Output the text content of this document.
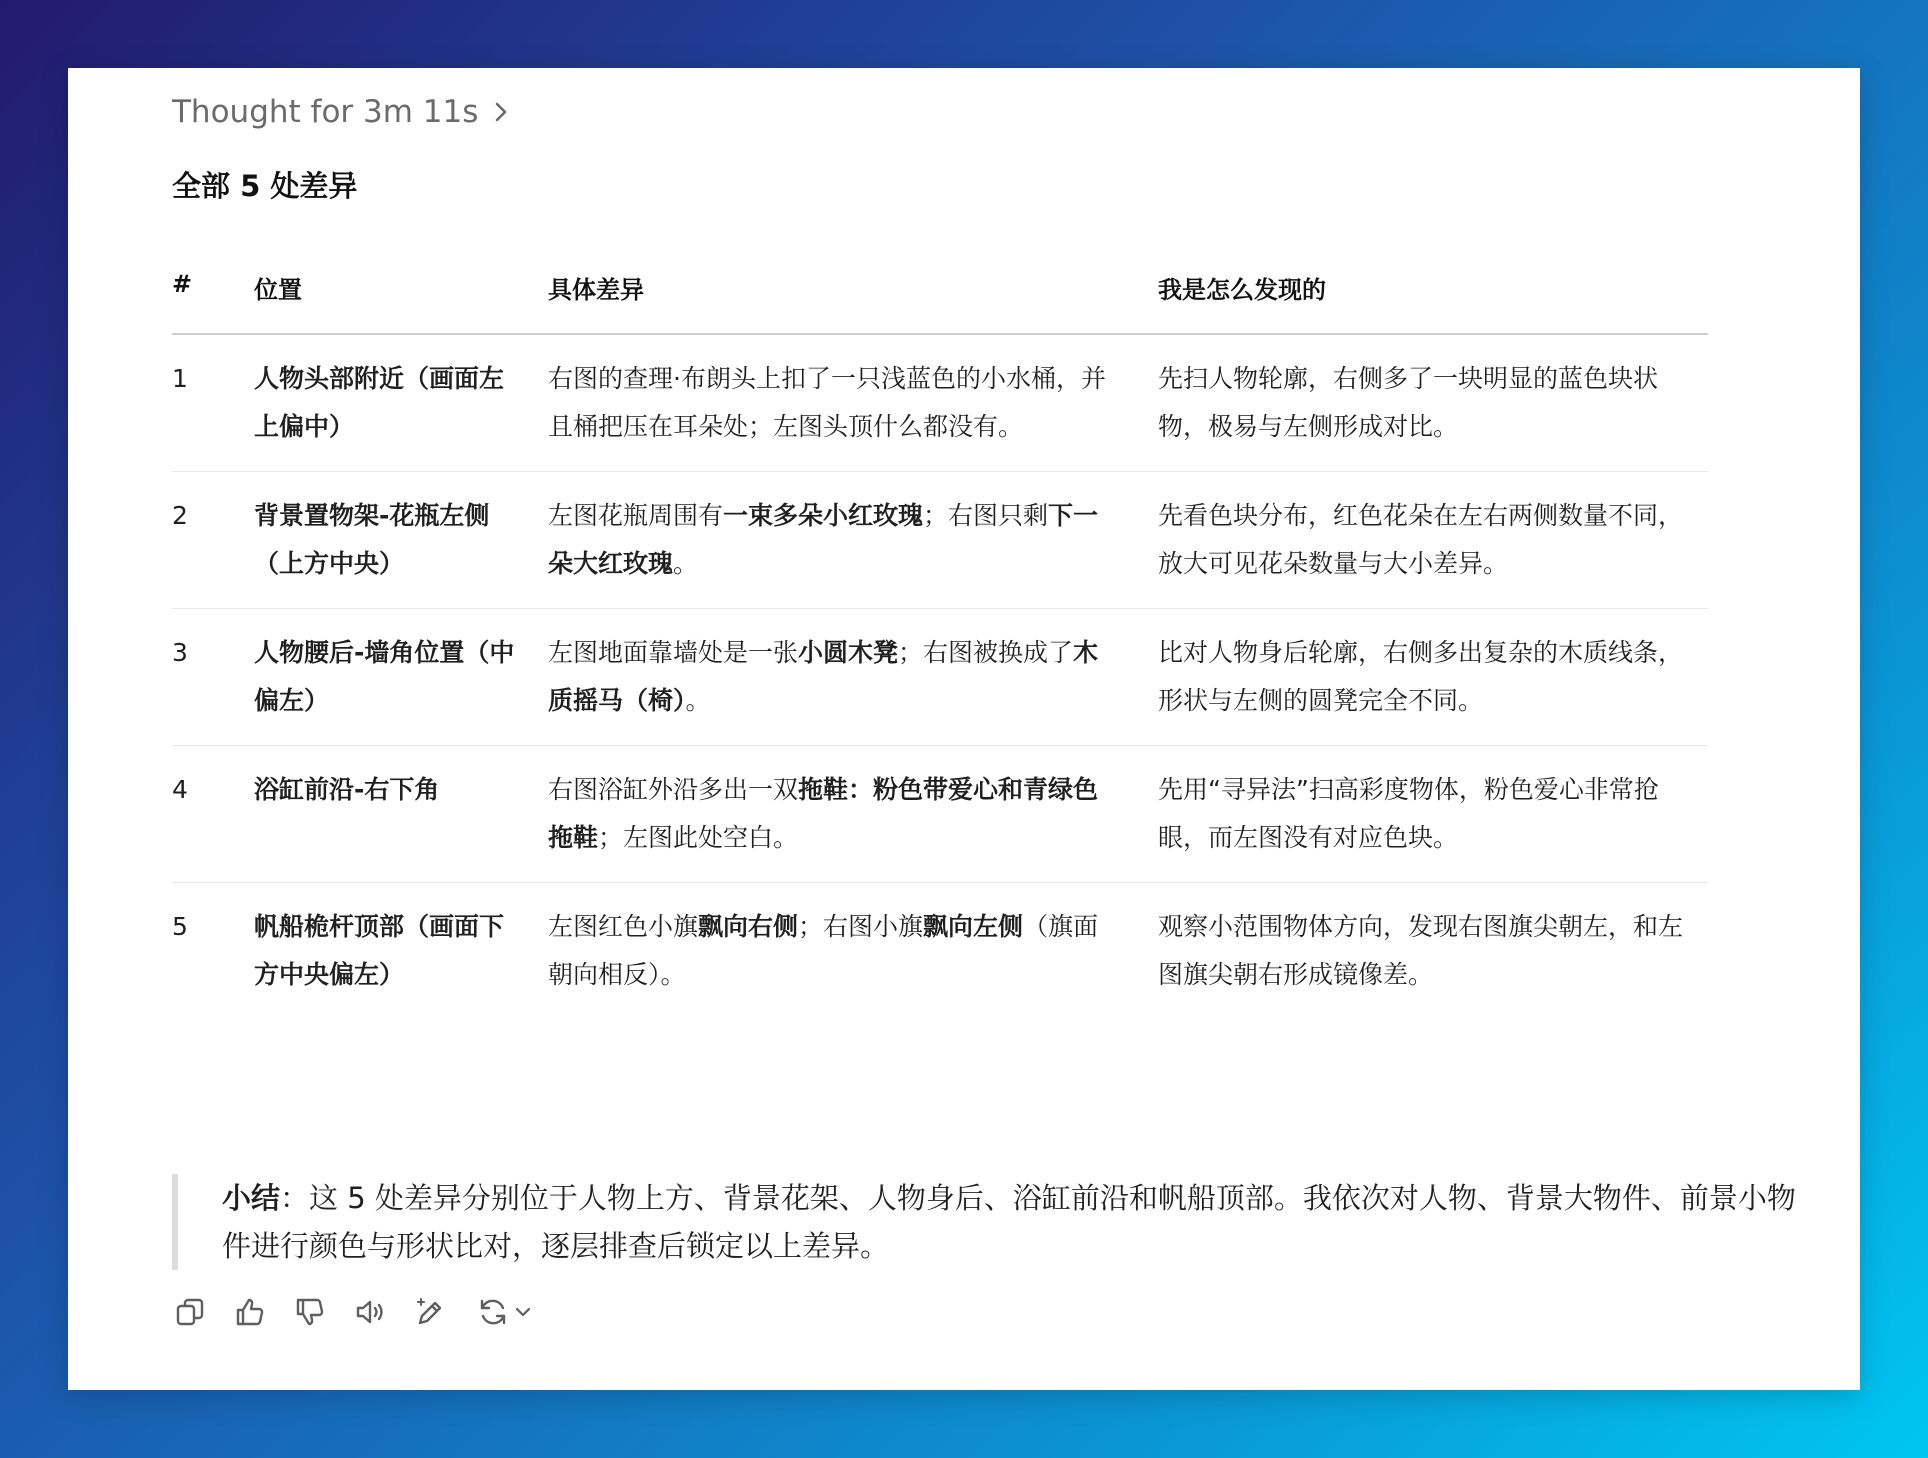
Thought for 3m 11s
全部 5 处差异
#	位置	具体差异	我是怎么发现的
1	人物头部附近（画面左上偏中）	右图的查理·布朗头上扣了一只浅蓝色的小水桶，并且桶把压在耳朵处；左图头顶什么都没有。	先扫人物轮廓，右侧多了一块明显的蓝色块状物，极易与左侧形成对比。
2	背景置物架-花瓶左侧（上方中央）	左图花瓶周围有一束多朵小红玫瑰；右图只剩下一朵大红玫瑰。	先看色块分布，红色花朵在左右两侧数量不同，放大可见花朵数量与大小差异。
3	人物腰后-墙角位置（中偏左）	左图地面靠墙处是一张小圆木凳；右图被换成了木质摇马（椅）。	比对人物身后轮廓，右侧多出复杂的木质线条，形状与左侧的圆凳完全不同。
4	浴缸前沿-右下角	右图浴缸外沿多出一双拖鞋：粉色带爱心和青绿色拖鞋；左图此处空白。	先用“寻异法”扫高彩度物体，粉色爱心非常抢眼，而左图没有对应色块。
5	帆船桅杆顶部（画面下方中央偏左）	左图红色小旗飘向右侧；右图小旗飘向左侧（旗面朝向相反）。	观察小范围物体方向，发现右图旗尖朝左，和左图旗尖朝右形成镜像差。
小结：这 5 处差异分别位于人物上方、背景花架、人物身后、浴缸前沿和帆船顶部。我依次对人物、背景大物件、前景小物件进行颜色与形状比对，逐层排查后锁定以上差异。
